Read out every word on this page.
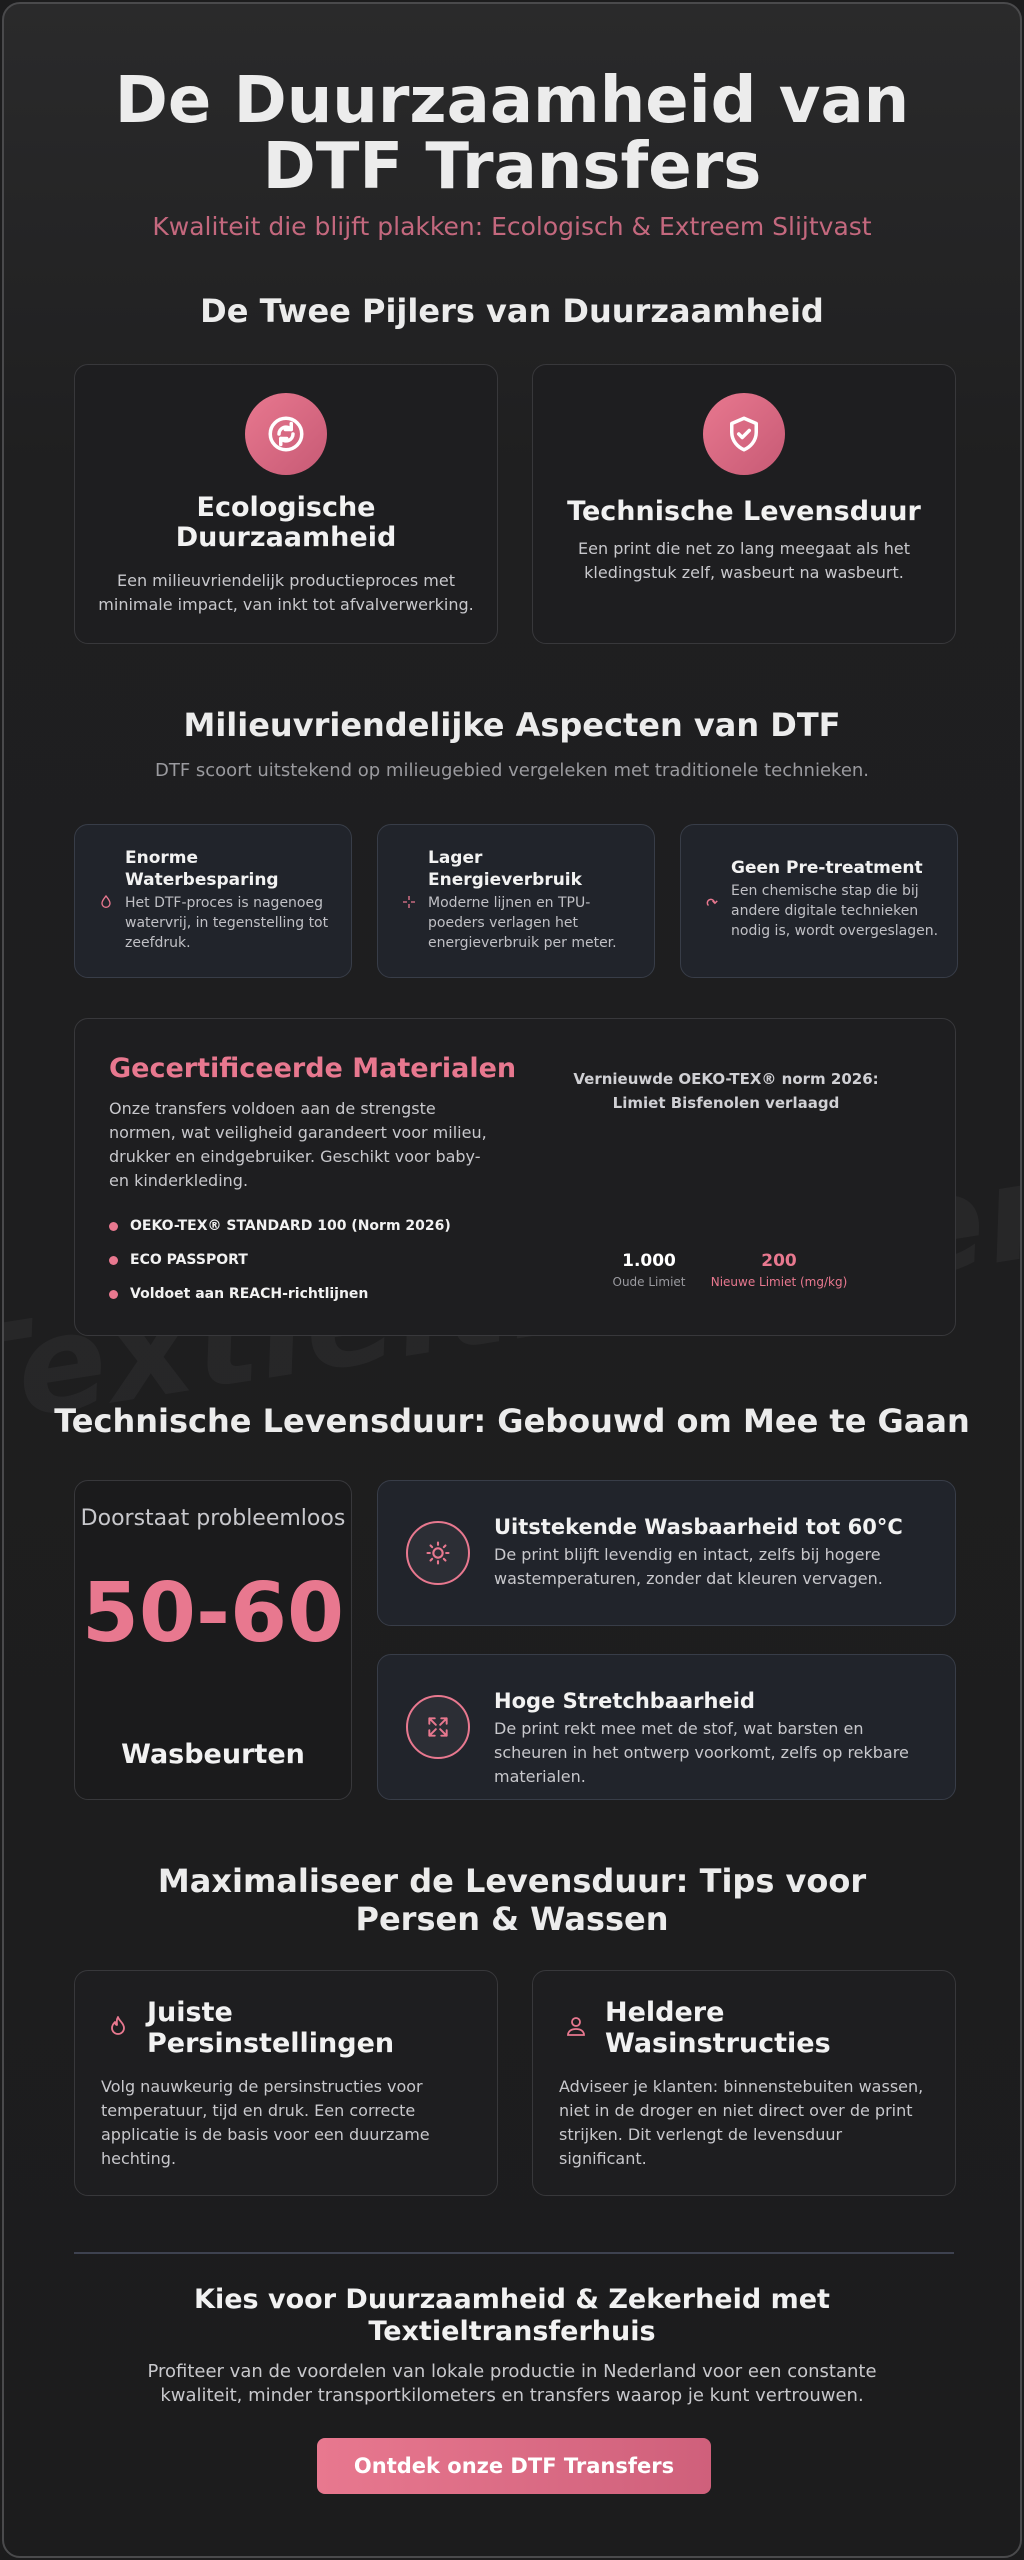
De Duurzaamheid van
DTF Transfers
Kwaliteit die blijft plakken: Ecologisch & Extreem Slijtvast
De Twee Pijlers van Duurzaamheid
Ecologische Duurzaamheid
Een milieuvriendelijk productieproces met minimale impact, van inkt tot afvalverwerking.
Technische Levensduur
Een print die net zo lang meegaat als het kledingstuk zelf, wasbeurt na wasbeurt.
Milieuvriendelijke Aspecten van DTF
DTF scoort uitstekend op milieugebied vergeleken met traditionele technieken.
Enorme Waterbesparing
Het DTF-proces is nagenoeg watervrij, in tegenstelling tot zeefdruk.
Lager Energieverbruik
Moderne lijnen en TPU-poeders verlagen het energieverbruik per meter.
Geen Pre-treatment
Een chemische stap die bij andere digitale technieken nodig is, wordt overgeslagen.
Gecertificeerde Materialen
Onze transfers voldoen aan de strengste normen, wat veiligheid garandeert voor milieu, drukker en eindgebruiker. Geschikt voor baby- en kinderkleding.
OEKO-TEX® STANDARD 100 (Norm 2026)
ECO PASSPORT
Voldoet aan REACH-richtlijnen
Vernieuwde OEKO-TEX® norm 2026: Limiet Bisfenolen verlaagd
1.000
Oude Limiet
200
Nieuwe Limiet (mg/kg)
Technische Levensduur: Gebouwd om Mee te Gaan
Doorstaat probleemloos
50-60
Wasbeurten
Uitstekende Wasbaarheid tot 60°C
De print blijft levendig en intact, zelfs bij hogere wastemperaturen, zonder dat kleuren vervagen.
Hoge Stretchbaarheid
De print rekt mee met de stof, wat barsten en scheuren in het ontwerp voorkomt, zelfs op rekbare materialen.
Maximaliseer de Levensduur: Tips voor Persen & Wassen
Juiste Persinstellingen
Volg nauwkeurig de persinstructies voor temperatuur, tijd en druk. Een correcte applicatie is de basis voor een duurzame hechting.
Heldere Wasinstructies
Adviseer je klanten: binnenstebuiten wassen, niet in de droger en niet direct over de print strijken. Dit verlengt de levensduur significant.
Kies voor Duurzaamheid & Zekerheid met Textieltransferhuis
Profiteer van de voordelen van lokale productie in Nederland voor een constante kwaliteit, minder transportkilometers en transfers waarop je kunt vertrouwen.
Ontdek onze DTF Transfers
